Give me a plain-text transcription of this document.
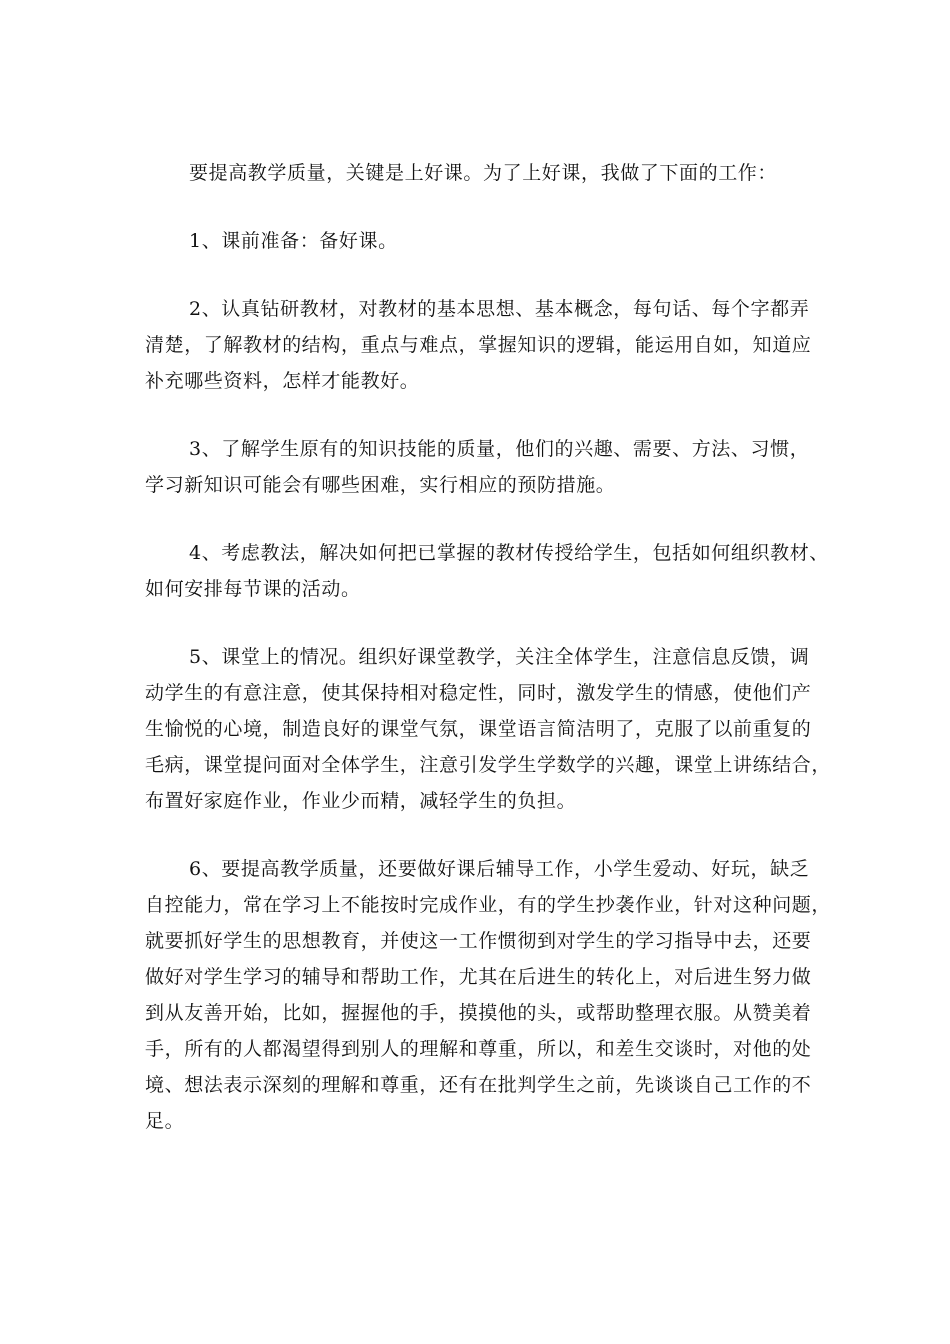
要提高教学质量，关键是上好课。为了上好课，我做了下面的工作：

1、课前准备：备好课。

2、认真钻研教材，对教材的基本思想、基本概念，每句话、每个字都弄
清楚，了解教材的结构，重点与难点，掌握知识的逻辑，能运用自如，知道应
补充哪些资料，怎样才能教好。

3、了解学生原有的知识技能的质量，他们的兴趣、需要、方法、习惯，
学习新知识可能会有哪些困难，实行相应的预防措施。

4、考虑教法，解决如何把已掌握的教材传授给学生，包括如何组织教材、
如何安排每节课的活动。

5、课堂上的情况。组织好课堂教学，关注全体学生，注意信息反馈，调
动学生的有意注意，使其保持相对稳定性，同时，激发学生的情感，使他们产
生愉悦的心境，制造良好的课堂气氛，课堂语言简洁明了，克服了以前重复的
毛病，课堂提问面对全体学生，注意引发学生学数学的兴趣，课堂上讲练结合，
布置好家庭作业，作业少而精，减轻学生的负担。

6、要提高教学质量，还要做好课后辅导工作，小学生爱动、好玩，缺乏
自控能力，常在学习上不能按时完成作业，有的学生抄袭作业，针对这种问题，
就要抓好学生的思想教育，并使这一工作惯彻到对学生的学习指导中去，还要
做好对学生学习的辅导和帮助工作，尤其在后进生的转化上，对后进生努力做
到从友善开始，比如，握握他的手，摸摸他的头，或帮助整理衣服。从赞美着
手，所有的人都渴望得到别人的理解和尊重，所以，和差生交谈时，对他的处
境、想法表示深刻的理解和尊重，还有在批判学生之前，先谈谈自己工作的不
足。
